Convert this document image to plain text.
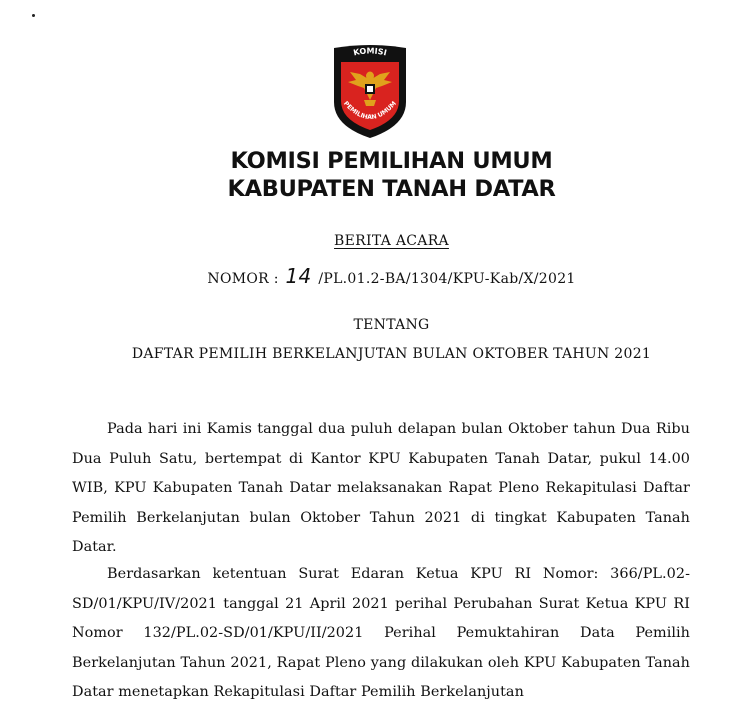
KOMISI
PEMILIHAN UMUM
KOMISI PEMILIHAN UMUM
KABUPATEN TANAH DATAR
BERITA ACARA
NOMOR : 14 /PL.01.2-BA/1304/KPU-Kab/X/2021
TENTANG
DAFTAR PEMILIH BERKELANJUTAN BULAN OKTOBER TAHUN 2021

Pada hari ini Kamis tanggal dua puluh delapan bulan Oktober tahun Dua Ribu Dua Puluh Satu, bertempat di Kantor KPU Kabupaten Tanah Datar, pukul 14.00 WIB, KPU Kabupaten Tanah Datar melaksanakan Rapat Pleno Rekapitulasi Daftar Pemilih Berkelanjutan bulan Oktober Tahun 2021 di tingkat Kabupaten Tanah Datar.

Berdasarkan ketentuan Surat Edaran Ketua KPU RI Nomor: 366/PL.02-SD/01/KPU/IV/2021 tanggal 21 April 2021 perihal Perubahan Surat Ketua KPU RI Nomor 132/PL.02-SD/01/KPU/II/2021 Perihal Pemuktahiran Data Pemilih Berkelanjutan Tahun 2021, Rapat Pleno yang dilakukan oleh KPU Kabupaten Tanah Datar menetapkan Rekapitulasi Daftar Pemilih Berkelanjutan
